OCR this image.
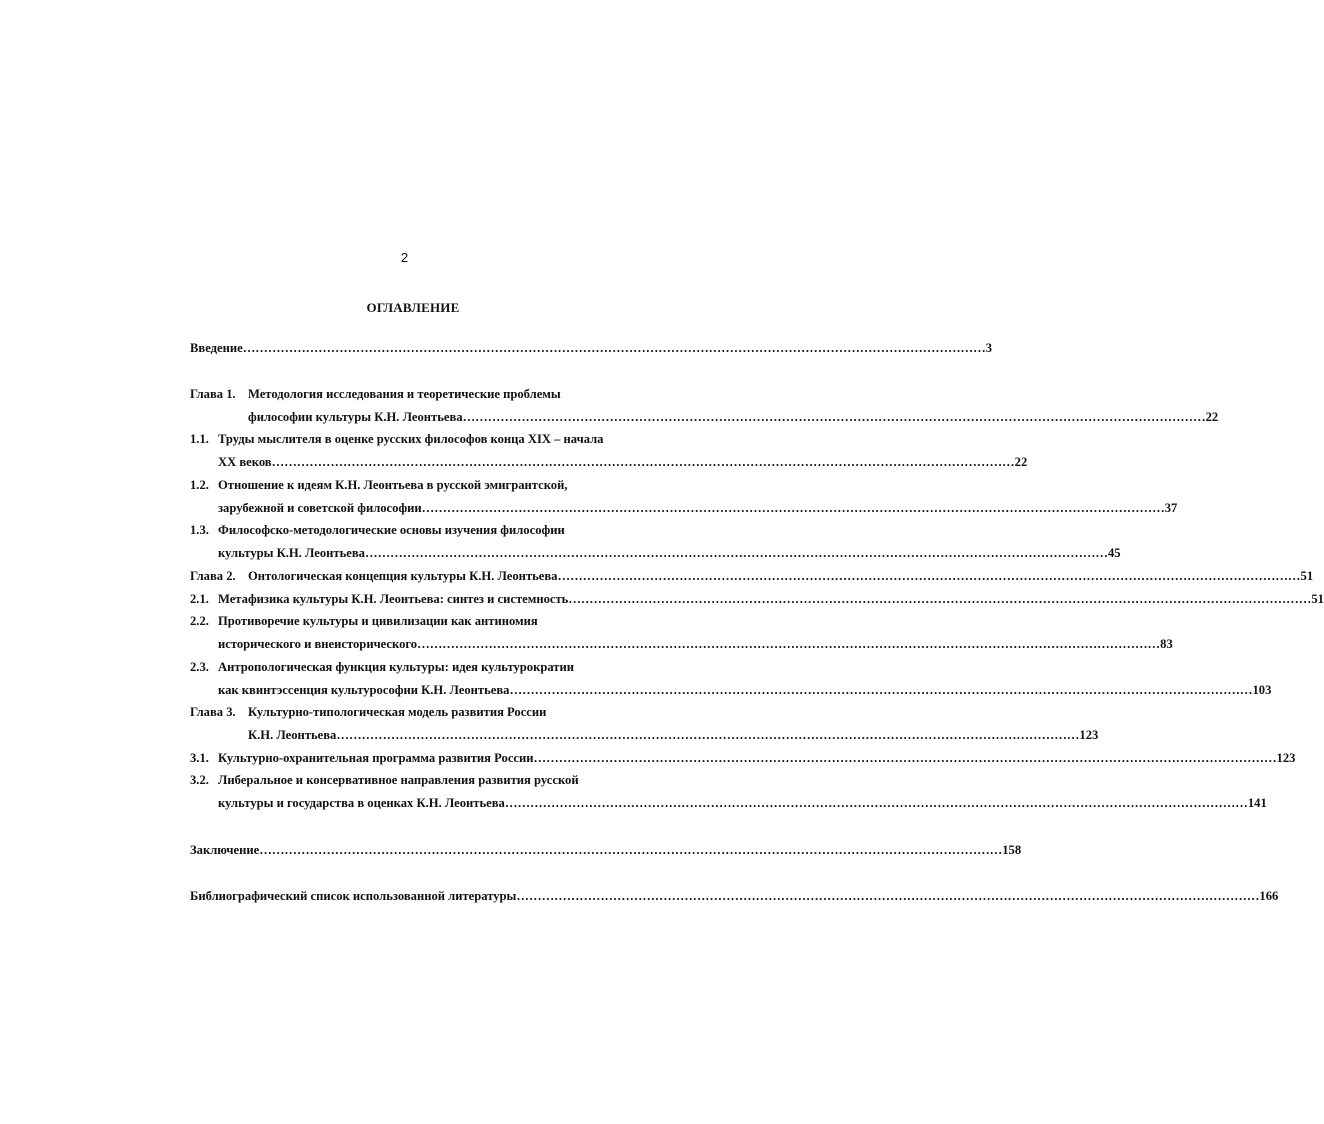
2
ОГЛАВЛЕНИЕ
Введение …………………………………………………………………………………………………………………………………………………………… 3
Глава 1. Методология исследования и теоретические проблемы
философии культуры К.Н. Леонтьева …………………………………………………………………………………………………………………………………………………………… 22
1.1. Труды мыслителя в оценке русских философов конца XIX – начала
XX веков …………………………………………………………………………………………………………………………………………………………… 22
1.2. Отношение к идеям К.Н. Леонтьева в русской эмигрантской,
зарубежной и советской философии …………………………………………………………………………………………………………………………………………………………… 37
1.3. Философско-методологические основы изучения философии
культуры К.Н. Леонтьева …………………………………………………………………………………………………………………………………………………………… 45
Глава 2. Онтологическая концепция культуры К.Н. Леонтьева …………………………………………………………………………………………………………………………………………………………… 51
2.1. Метафизика культуры К.Н. Леонтьева: синтез и системность …………………………………………………………………………………………………………………………………………………………… 51
2.2. Противоречие культуры и цивилизации как антиномия
исторического и внеисторического …………………………………………………………………………………………………………………………………………………………… 83
2.3. Антропологическая функция культуры: идея культурократии
как квинтэссенция культурософии К.Н. Леонтьева …………………………………………………………………………………………………………………………………………………………… 103
Глава 3. Культурно-типологическая модель развития России
К.Н. Леонтьева …………………………………………………………………………………………………………………………………………………………… 123
3.1. Культурно-охранительная программа развития России …………………………………………………………………………………………………………………………………………………………… 123
3.2. Либеральное и консервативное направления развития русской
культуры и государства в оценках К.Н. Леонтьева …………………………………………………………………………………………………………………………………………………………… 141
Заключение …………………………………………………………………………………………………………………………………………………………… 158
Библиографический список использованной литературы …………………………………………………………………………………………………………………………………………………………… 166
